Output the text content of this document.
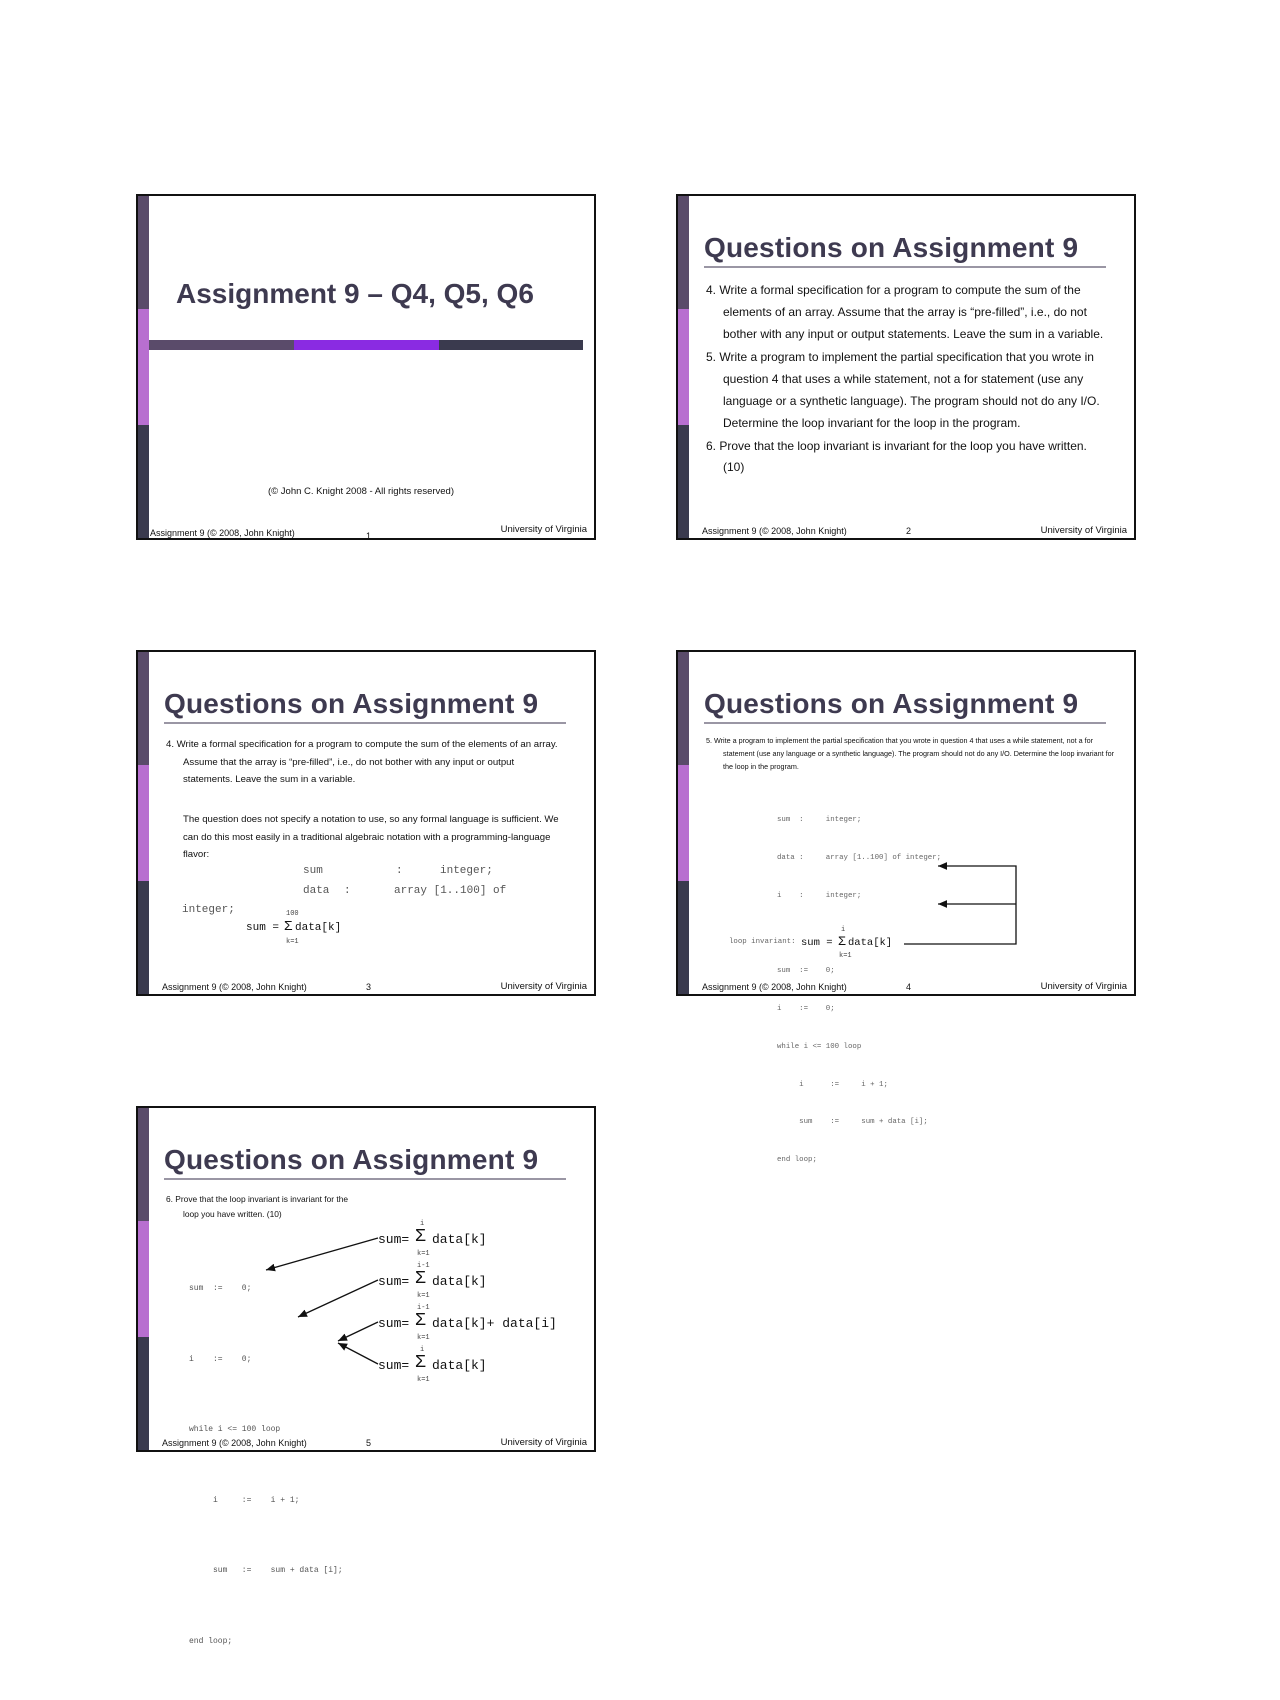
Assignment 9 – Q4, Q5, Q6
(© John C. Knight 2008 - All rights reserved)
Assignment 9 (© 2008, John Knight)	1
University of Virginia
Questions on Assignment 9
4. Write a formal specification for a program to compute the sum of the elements of an array. Assume that the array is “pre-filled”, i.e., do not bother with any input or output statements. Leave the sum in a variable.
5. Write a program to implement the partial specification that you wrote in question 4 that uses a while statement, not a for statement (use any language or a synthetic language). The program should not do any I/O. Determine the loop invariant for the loop in the program.
6. Prove that the loop invariant is invariant for the loop you have written. (10)
Assignment 9 (© 2008, John Knight)	2	University of Virginia
Questions on Assignment 9
4. Write a formal specification for a program to compute the sum of the elements of an array. Assume that the array is “pre-filled”, i.e., do not bother with any input or output statements. Leave the sum in a variable.
The question does not specify a notation to use, so any formal language is sufficient. We can do this most easily in a traditional algebraic notation with a programming-language flavor:
sum	:	integer;
data :	array [1..100] of
integer;
sum =
100
Σ data[k]
k=1
Assignment 9 (© 2008, John Knight)	3	University of Virginia
Questions on Assignment 9
5. Write a program to implement the partial specification that you wrote in question 4 that uses a while statement, not a for statement (use any language or a synthetic language). The program should not do any I/O. Determine the loop invariant for the loop in the program.

sum  :     integer;

data :     array [1..100] of integer;

i    :     integer;

sum  :=    0;

i    :=    0;

while i <= 100 loop

i      :=     i + 1;

sum    :=     sum + data [i];

end loop;

loop invariant: sum =
i
Σ data[k]
k=1
Assignment 9 (© 2008, John Knight)	4	University of Virginia
Questions on Assignment 9
6. Prove that the loop invariant is invariant for the loop you have written. (10)

sum  :=    0;

i    :=    0;

while i <= 100 loop

i     :=    i + 1;

sum   :=    sum + data [i];

end loop;

sum=
i
Σ data[k]
k=1
sum=
i-1
Σ data[k]
k=1
sum=
i-1
Σ data[k]+ data[i]
k=1
sum=
i
Σ data[k]
k=1
Assignment 9 (© 2008, John Knight)	5	University of Virginia
